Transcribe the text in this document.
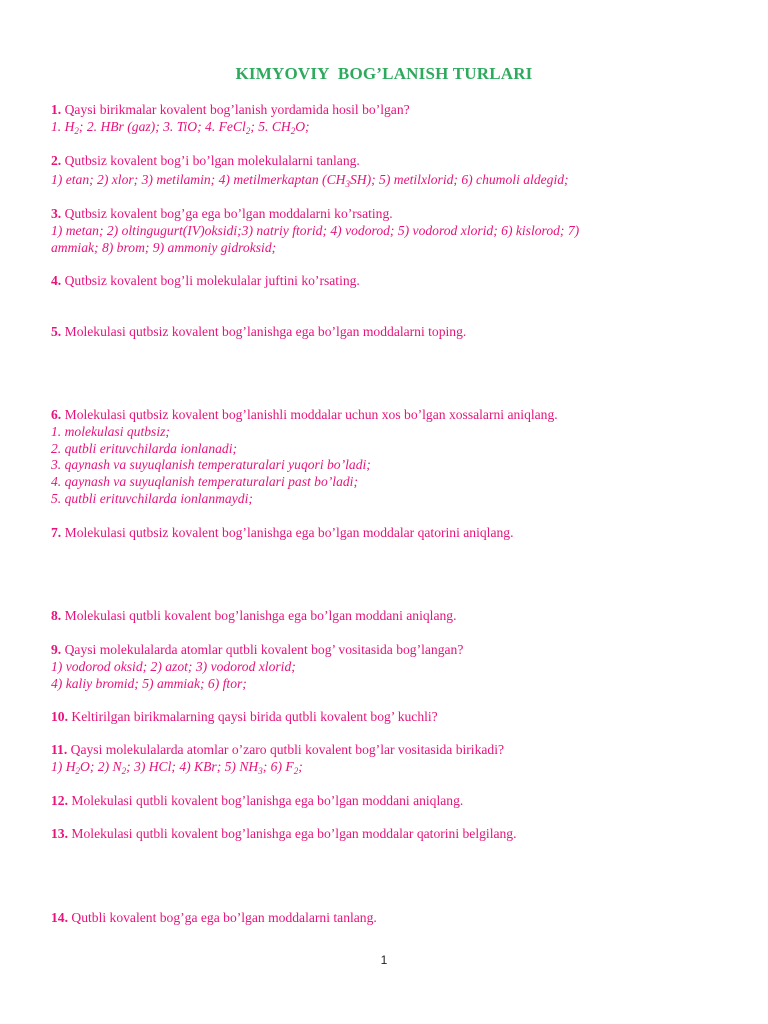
KIMYOVIY  BOG’LANISH TURLARI
1. Qaysi birikmalar kovalent bog’lanish yordamida hosil bo’lgan?
1. $H_2$; 2. HBr (gaz); 3. TiO; 4. FeCl$_2$; 5. $CH_2O$;
2. Qutbsiz kovalent bog’i bo’lgan molekulalarni tanlang.
1) etan; 2) xlor; 3) metilamin; 4) metilmerkaptan $(CH_3SH)$; 5) metilxlorid; 6) chumoli aldegid;
3. Qutbsiz kovalent bog’ga ega bo’lgan moddalarni ko’rsating.
1) metan; 2) oltingugurt(IV)oksidi;3) natriy ftorid; 4) vodorod; 5) vodorod xlorid; 6) kislorod; 7)
ammiak; 8) brom; 9) ammoniy gidroksid;
4. Qutbsiz kovalent bog’li molekulalar juftini ko’rsating.
5. Molekulasi qutbsiz kovalent bog’lanishga ega bo’lgan moddalarni toping.
6. Molekulasi qutbsiz kovalent bog’lanishli moddalar uchun xos bo’lgan xossalarni aniqlang.
1. molekulasi qutbsiz;
2. qutbli erituvchilarda ionlanadi;
3. qaynash va suyuqlanish temperaturalari yuqori bo’ladi;
4. qaynash va suyuqlanish temperaturalari past bo’ladi;
5. qutbli erituvchilarda ionlanmaydi;
7. Molekulasi qutbsiz kovalent bog’lanishga ega bo’lgan moddalar qatorini aniqlang.
8. Molekulasi qutbli kovalent bog’lanishga ega bo’lgan moddani aniqlang.
9. Qaysi molekulalarda atomlar qutbli kovalent bog’ vositasida bog’langan?
1) vodorod oksid; 2) azot; 3) vodorod xlorid;
4) kaliy bromid; 5) ammiak; 6) ftor;
10. Keltirilgan birikmalarning qaysi birida qutbli kovalent bog’ kuchli?
11. Qaysi molekulalarda atomlar o’zaro qutbli kovalent bog’lar vositasida birikadi?
1) $H_2O$; 2) $N_2$; 3) HCl; 4) KBr; 5) $NH_3$; 6) $F_2$;
12. Molekulasi qutbli kovalent bog’lanishga ega bo’lgan moddani aniqlang.
13. Molekulasi qutbli kovalent bog’lanishga ega bo’lgan moddalar qatorini belgilang.
14. Qutbli kovalent bog’ga ega bo’lgan moddalarni tanlang.
1
